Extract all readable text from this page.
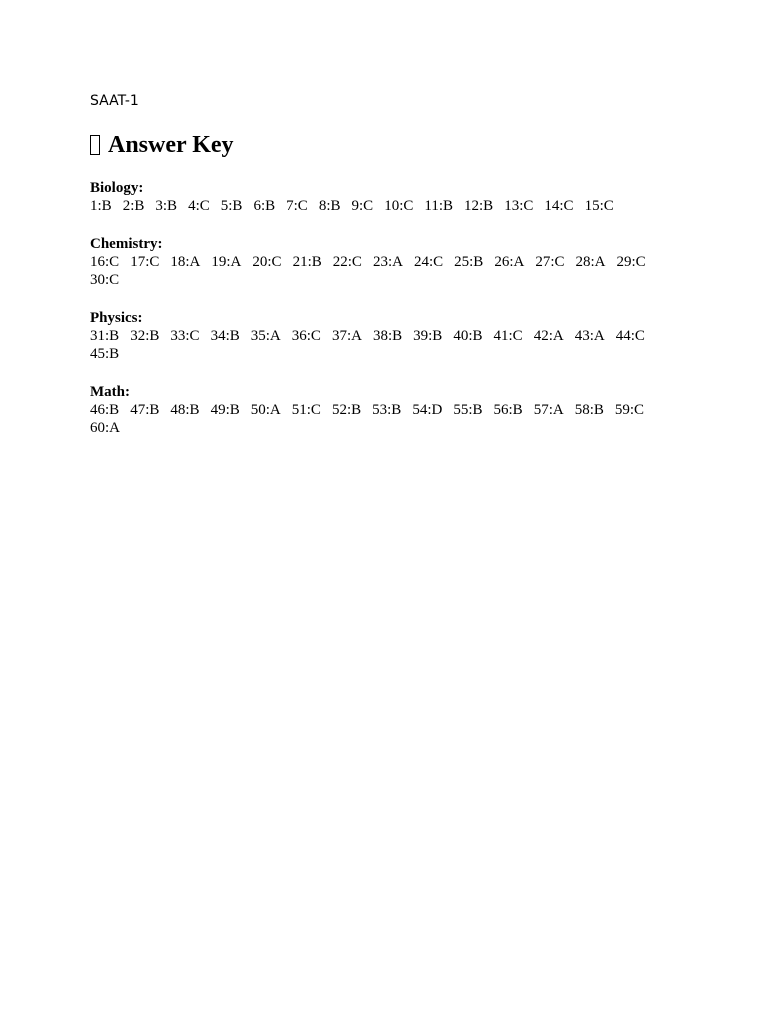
SAAT-1
Answer Key
Biology:
1:B 2:B 3:B 4:C 5:B 6:B 7:C 8:B 9:C 10:C 11:B 12:B 13:C 14:C 15:C
Chemistry:
16:C 17:C 18:A 19:A 20:C 21:B 22:C 23:A 24:C 25:B 26:A 27:C 28:A 29:C30:C
Physics:
31:B 32:B 33:C 34:B 35:A 36:C 37:A 38:B 39:B 40:B 41:C 42:A 43:A 44:C45:B
Math:
46:B 47:B 48:B 49:B 50:A 51:C 52:B 53:B 54:D 55:B 56:B 57:A 58:B 59:C60:A
